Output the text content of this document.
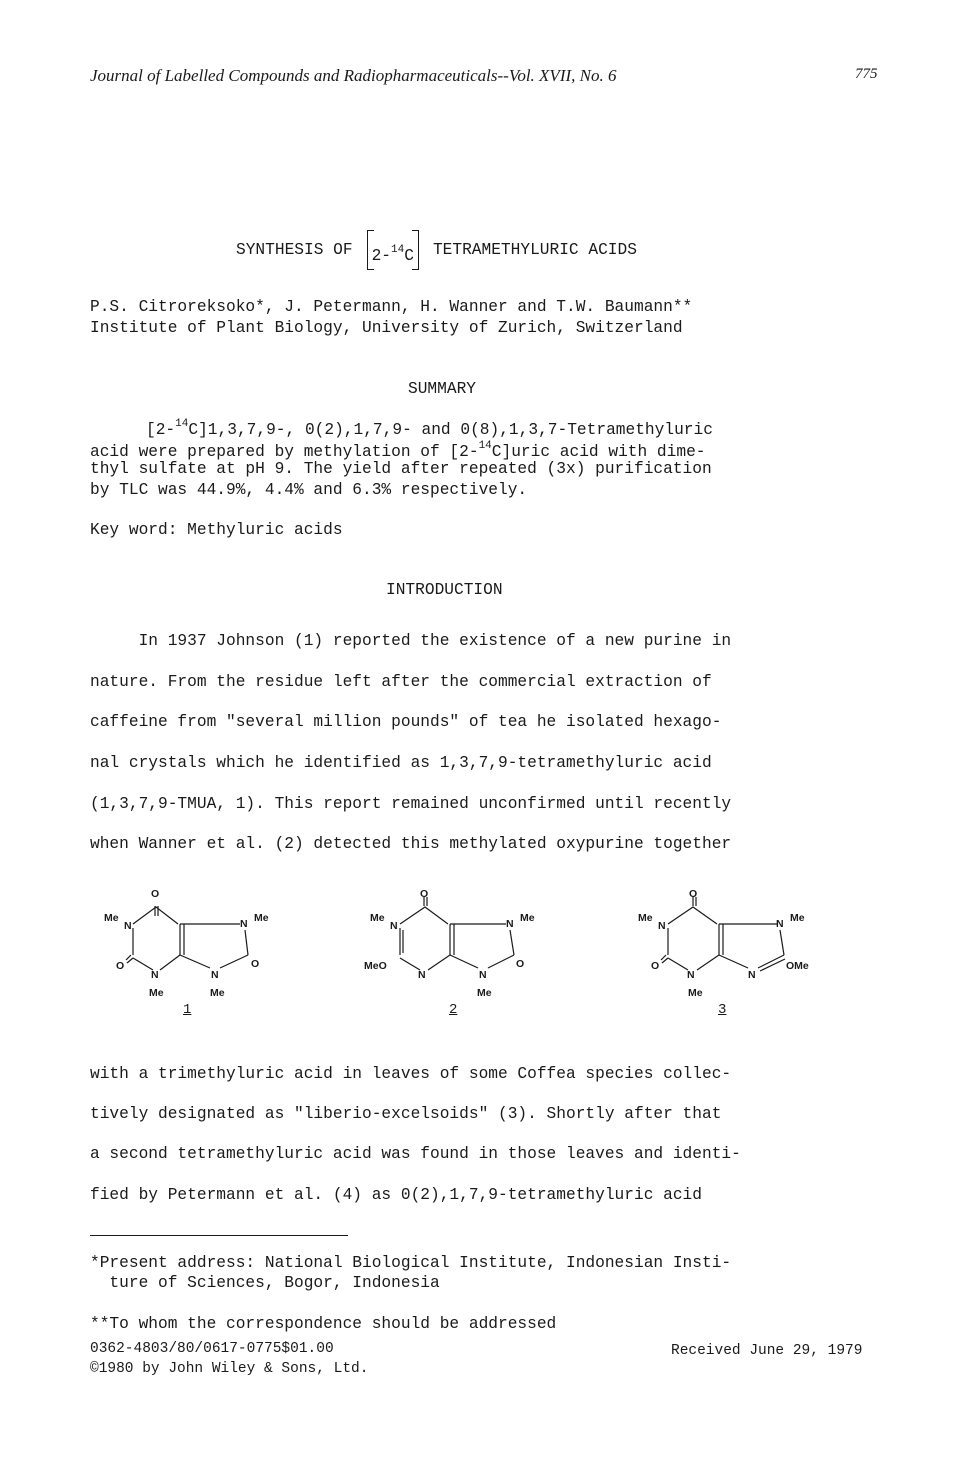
Journal of Labelled Compounds and Radiopharmaceuticals--Vol. XVII, No. 6	775
SYNTHESIS OF	2-$^{14}$C	TETRAMETHYLURIC ACIDS
P.S. Citroreksoko*, J. Petermann, H. Wanner and T.W. Baumann**
Institute of Plant Biology, University of Zurich, Switzerland
SUMMARY
[2-$^{14}$C]1,3,7,9-, 0(2),1,7,9- and 0(8),1,3,7-Tetramethyluric
acid were prepared by methylation of [2-$^{14}$C]uric acid with dime-
thyl sulfate at pH 9. The yield after repeated (3x) purification
by TLC was 44.9%, 4.4% and 6.3% respectively.
Key word: Methyluric acids
INTRODUCTION
In 1937 Johnson (1) reported the existence of a new purine in
nature. From the residue left after the commercial extraction of
caffeine from "several million pounds" of tea he isolated hexago-
nal crystals which he identified as 1,3,7,9-tetramethyluric acid
(1,3,7,9-TMUA, 1). This report remained unconfirmed until recently
when Wanner et al. (2) detected this methylated oxypurine together
O
Me
N	N Me
O
N	N
O
Me	Me
1
O
Me
N	N Me
MeO
N	N
O
Me
2
O
Me
N	N Me
O
N	N
OMe
Me
3
with a trimethyluric acid in leaves of some Coffea species collec-
tively designated as "liberio-excelsoids" (3). Shortly after that
a second tetramethyluric acid was found in those leaves and identi-
fied by Petermann et al. (4) as 0(2),1,7,9-tetramethyluric acid
*Present address: National Biological Institute, Indonesian Insti-
ture of Sciences, Bogor, Indonesia
**To whom the correspondence should be addressed
0362-4803/80/0617-0775$01.00
©1980 by John Wiley & Sons, Ltd.
Received June 29, 1979
